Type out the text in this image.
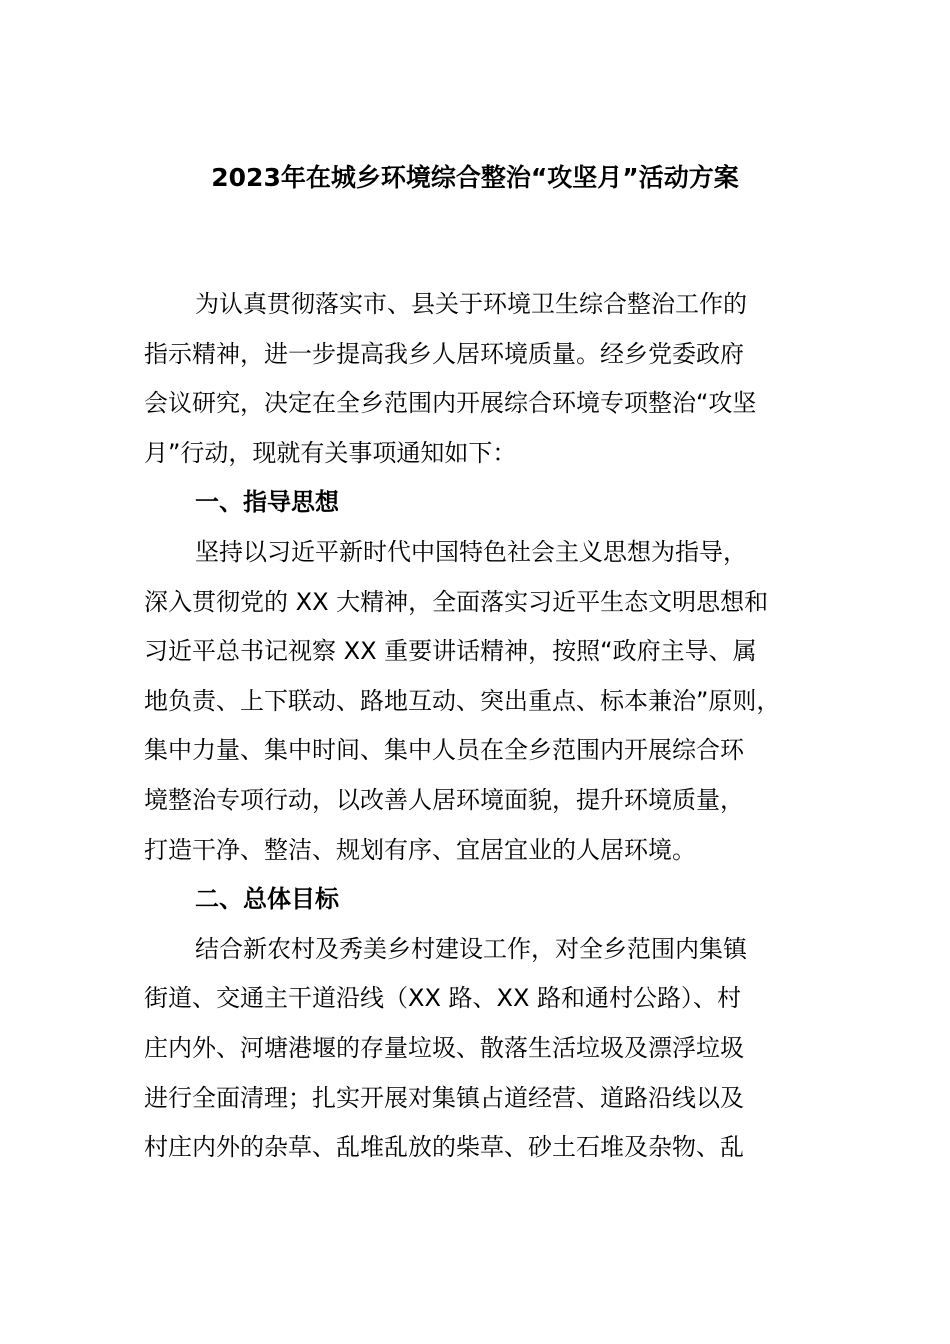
2023年在城乡环境综合整治“攻坚月”活动方案
为认真贯彻落实市、县关于环境卫生综合整治工作的
指示精神，进一步提高我乡人居环境质量。经乡党委政府
会议研究，决定在全乡范围内开展综合环境专项整治“攻坚
月”行动，现就有关事项通知如下：
一、指导思想
坚持以习近平新时代中国特色社会主义思想为指导，
深入贯彻党的 XX 大精神，全面落实习近平生态文明思想和
习近平总书记视察 XX 重要讲话精神，按照“政府主导、属
地负责、上下联动、路地互动、突出重点、标本兼治”原则，
集中力量、集中时间、集中人员在全乡范围内开展综合环
境整治专项行动，以改善人居环境面貌，提升环境质量，
打造干净、整洁、规划有序、宜居宜业的人居环境。
二、总体目标
结合新农村及秀美乡村建设工作，对全乡范围内集镇
街道、交通主干道沿线（XX 路、XX 路和通村公路）、村
庄内外、河塘港堰的存量垃圾、散落生活垃圾及漂浮垃圾
进行全面清理；扎实开展对集镇占道经营、道路沿线以及
村庄内外的杂草、乱堆乱放的柴草、砂土石堆及杂物、乱
